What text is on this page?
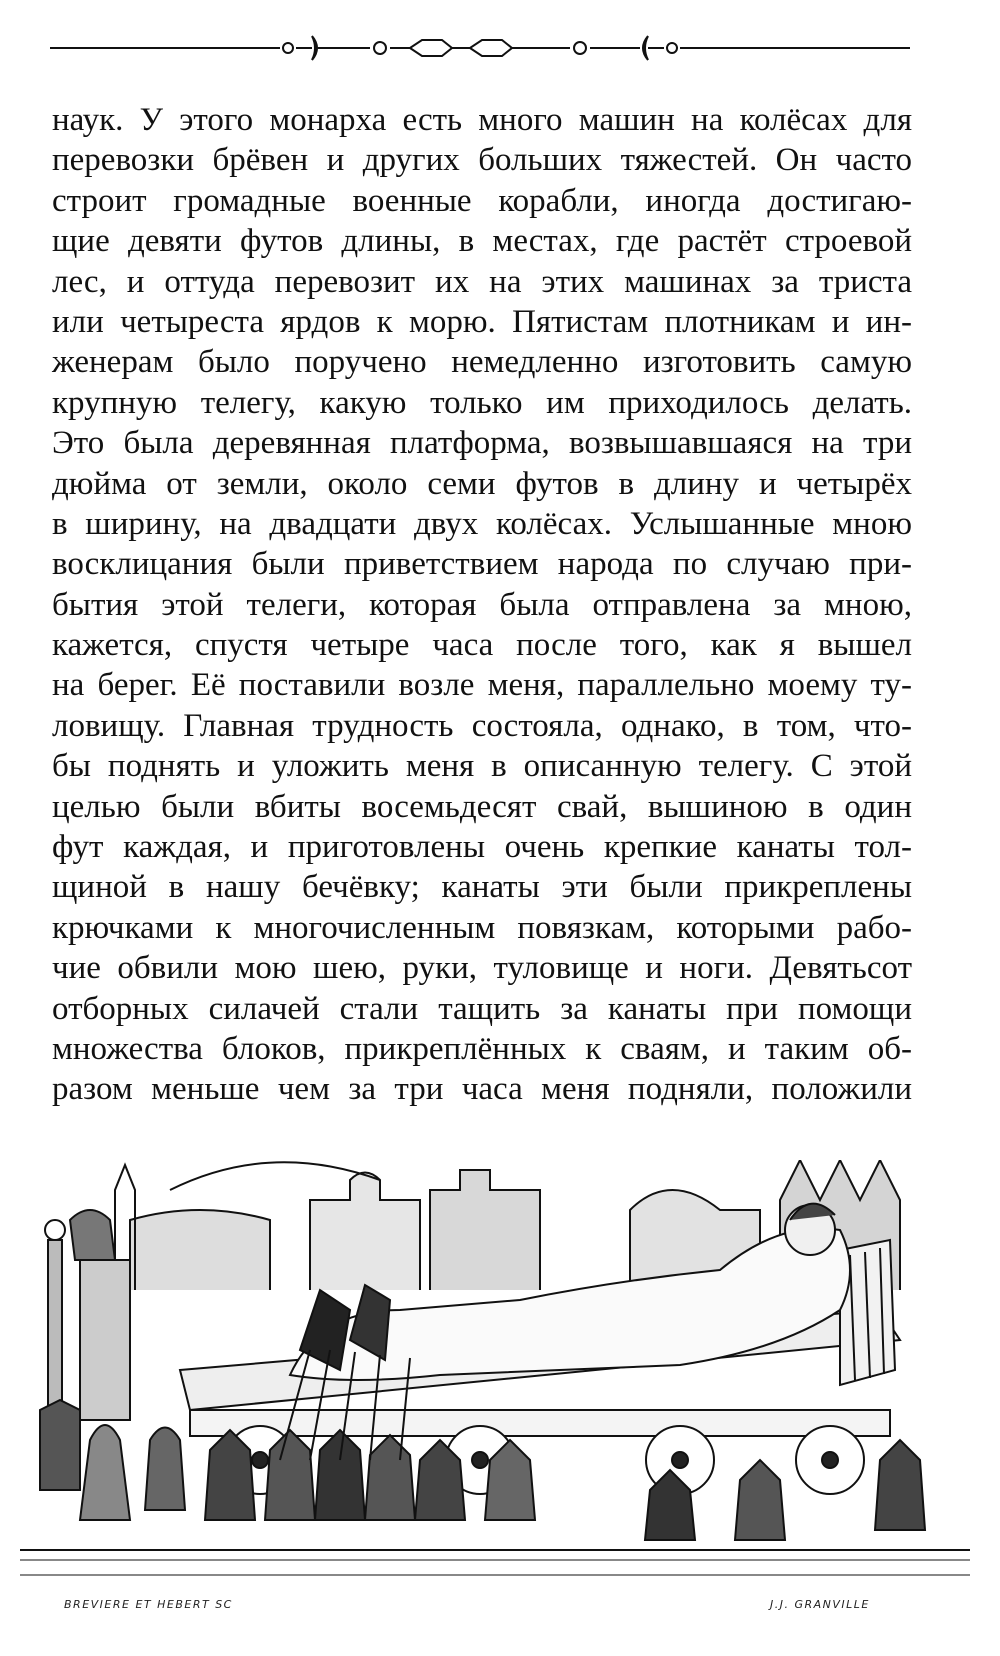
наук. У этого монарха есть много машин на колёсах для
перевозки брёвен и других больших тяжестей. Он часто
строит громадные военные корабли, иногда достигаю-
щие девяти футов длины, в местах, где растёт строевой
лес, и оттуда перевозит их на этих машинах за триста
или четыреста ярдов к морю. Пятистам плотникам и ин-
женерам было поручено немедленно изготовить самую
крупную телегу, какую только им приходилось делать.
Это была деревянная платформа, возвышавшаяся на три
дюйма от земли, около семи футов в длину и четырёх
в ширину, на двадцати двух колёсах. Услышанные мною
восклицания были приветствием народа по случаю при-
бытия этой телеги, которая была отправлена за мною,
кажется, спустя четыре часа после того, как я вышел
на берег. Её поставили возле меня, параллельно моему ту-
ловищу. Главная трудность состояла, однако, в том, что-
бы поднять и уложить меня в описанную телегу. С этой
целью были вбиты восемьдесят свай, вышиною в один
фут каждая, и приготовлены очень крепкие канаты тол-
щиной в нашу бечёвку; канаты эти были прикреплены
крючками к многочисленным повязкам, которыми рабо-
чие обвили мою шею, руки, туловище и ноги. Девятьсот
отборных силачей стали тащить за канаты при помощи
множества блоков, прикреплённых к сваям, и таким об-
разом меньше чем за три часа меня подняли, положили
BREVIERE ET HEBERT SC	J.J. GRANVILLE
